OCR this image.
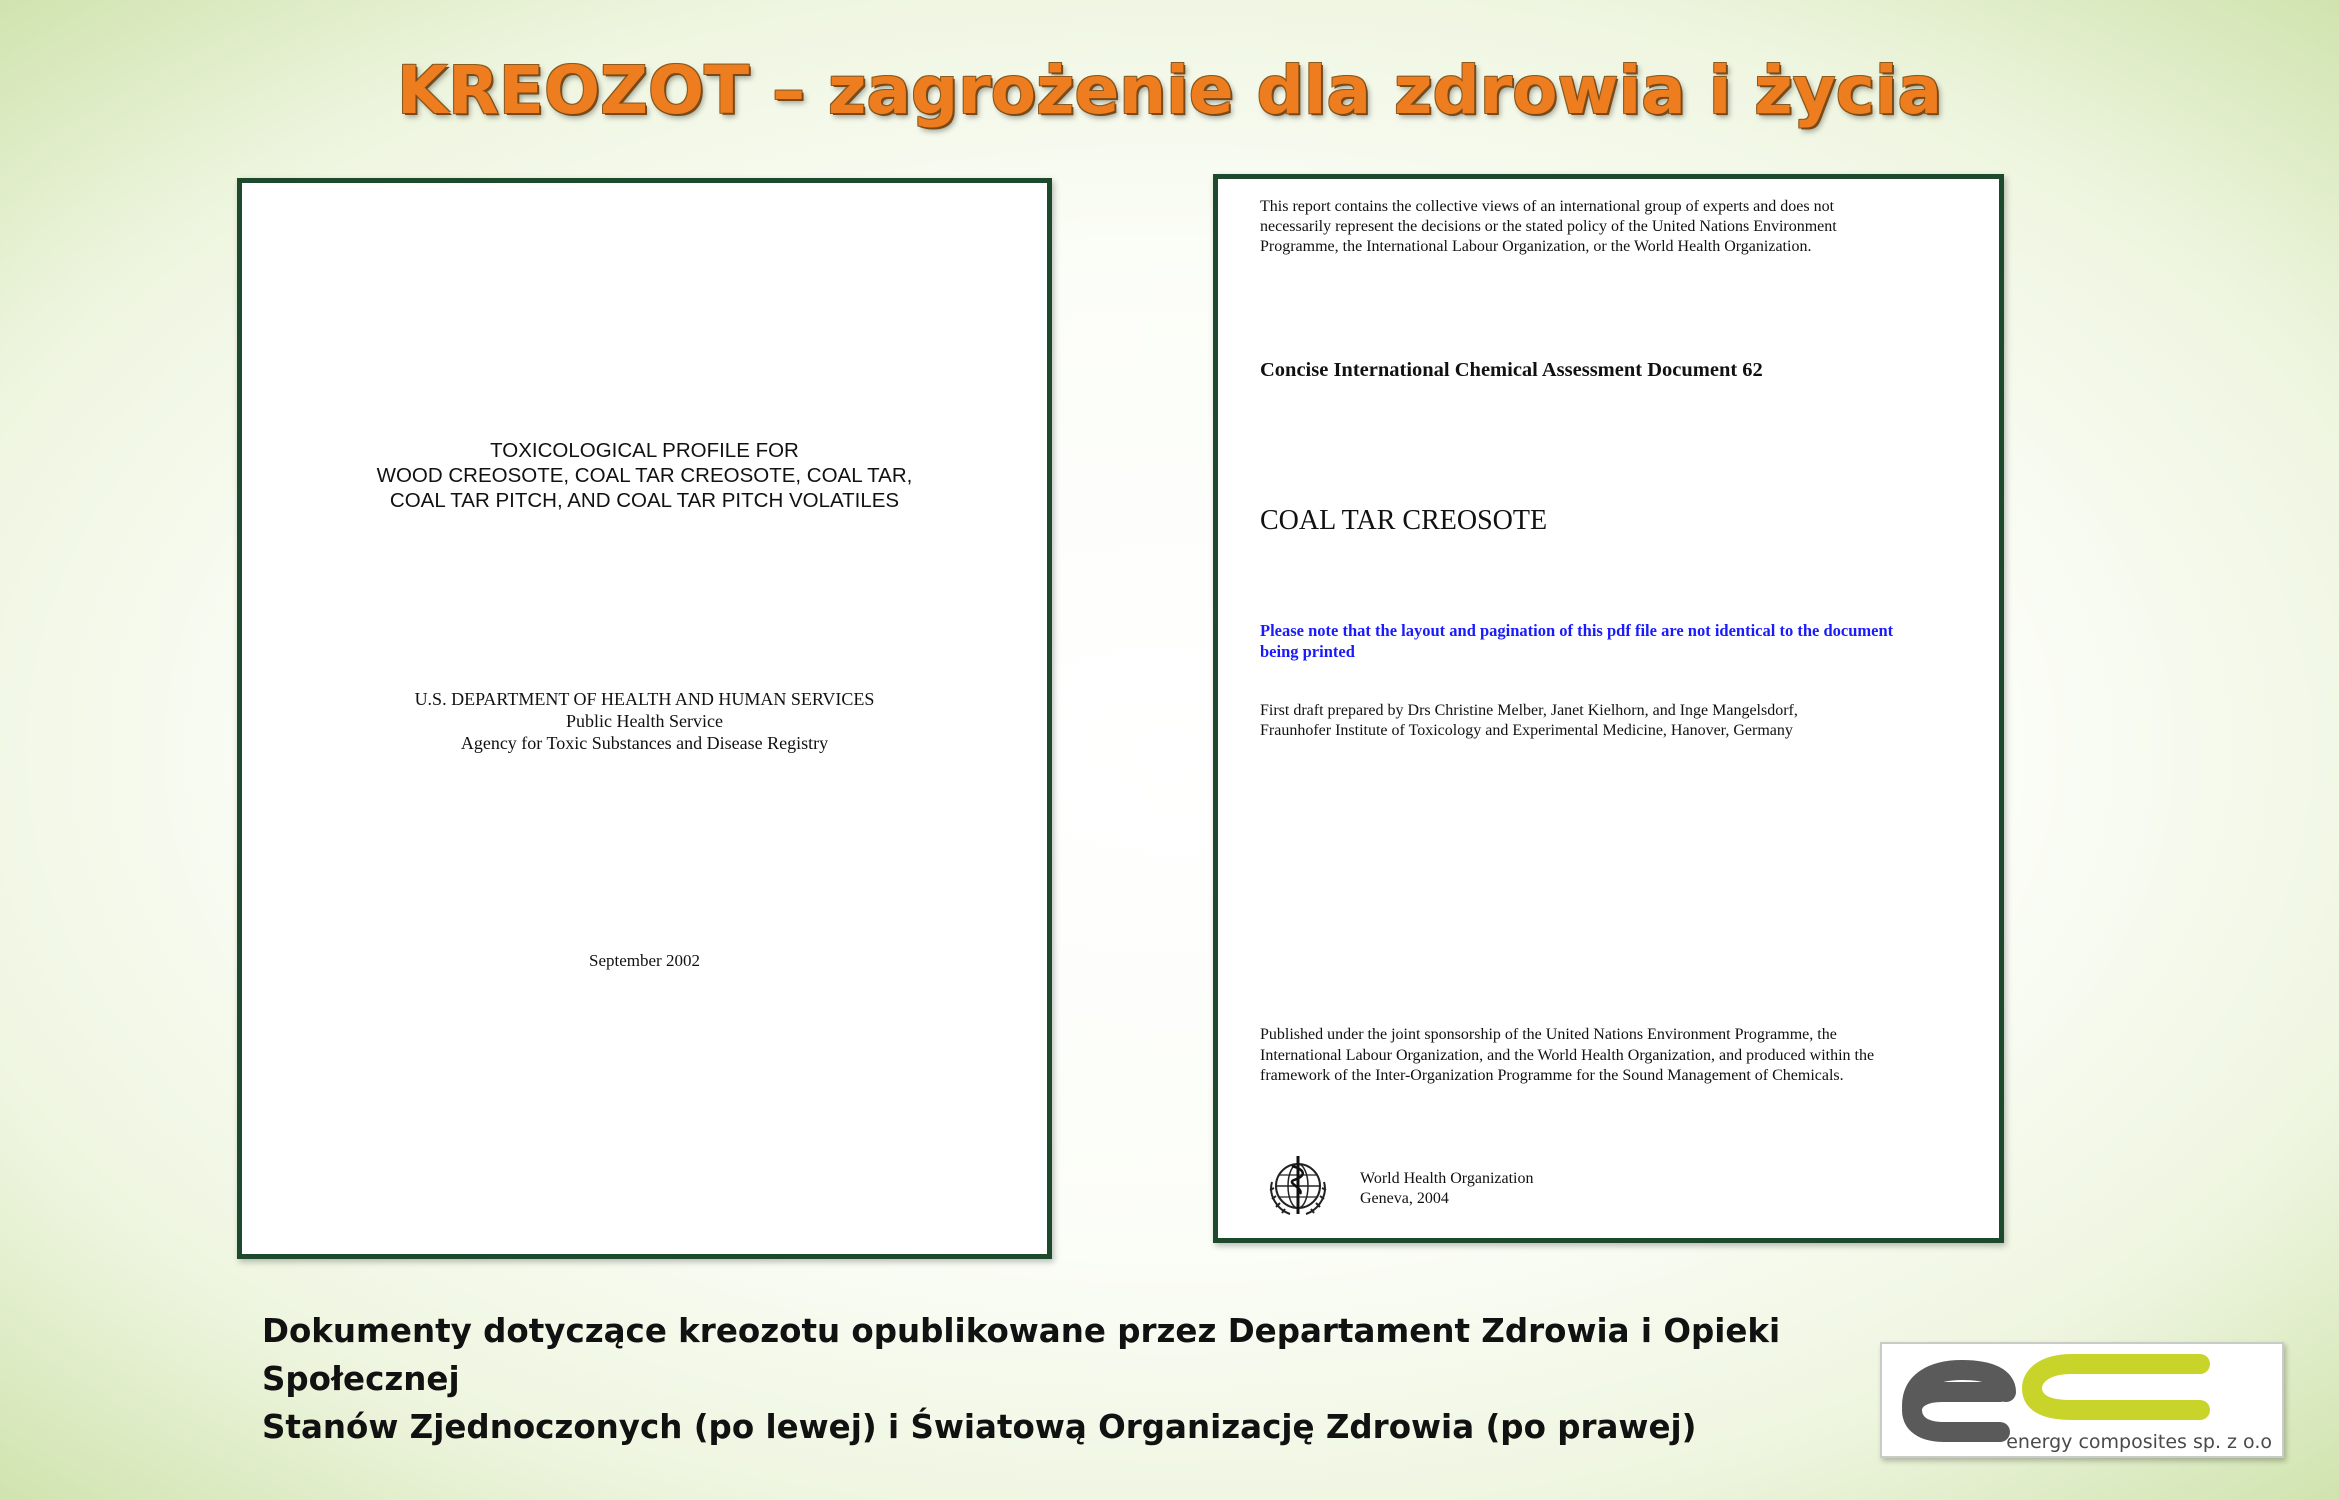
KREOZOT – zagrożenie dla zdrowia i życia
TOXICOLOGICAL PROFILE FOR
WOOD CREOSOTE, COAL TAR CREOSOTE, COAL TAR,
COAL TAR PITCH, AND COAL TAR PITCH VOLATILES
U.S. DEPARTMENT OF HEALTH AND HUMAN SERVICES
Public Health Service
Agency for Toxic Substances and Disease Registry
September 2002
This report contains the collective views of an international group of experts and does not
necessarily represent the decisions or the stated policy of the United Nations Environment
Programme, the International Labour Organization, or the World Health Organization.
Concise International Chemical Assessment Document 62
COAL TAR CREOSOTE
Please note that the layout and pagination of this pdf file are not identical to the document
being printed
First draft prepared by Drs Christine Melber, Janet Kielhorn, and Inge Mangelsdorf,
Fraunhofer Institute of Toxicology and Experimental Medicine, Hanover, Germany
Published under the joint sponsorship of the United Nations Environment Programme, the
International Labour Organization, and the World Health Organization, and produced within the
framework of the Inter-Organization Programme for the Sound Management of Chemicals.
World Health Organization
Geneva, 2004
Dokumenty dotyczące kreozotu opublikowane przez Departament Zdrowia i Opieki Społecznej
Stanów Zjednoczonych (po lewej) i Światową Organizację Zdrowia (po prawej)	energy composites sp. z o.o
